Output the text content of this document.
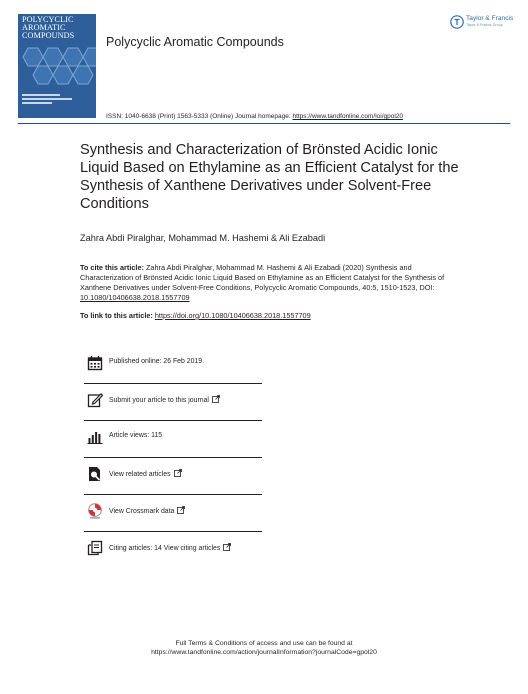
POLYCYCLIC AROMATIC COMPOUNDS	Polycyclic Aromatic Compounds
Taylor & Francis
Taylor & Francis Group
ISSN: 1040-6638 (Print) 1563-5333 (Online) Journal homepage: https://www.tandfonline.com/loi/gpol20
Synthesis and Characterization of Brönsted Acidic Ionic Liquid Based on Ethylamine as an Efficient Catalyst for the Synthesis of Xanthene Derivatives under Solvent-Free Conditions
Zahra Abdi Piralghar, Mohammad M. Hashemi & Ali Ezabadi

To cite this article: Zahra Abdi Piralghar, Mohammad M. Hashemi & Ali Ezabadi (2020) Synthesis and Characterization of Brönsted Acidic Ionic Liquid Based on Ethylamine as an Efficient Catalyst for the Synthesis of Xanthene Derivatives under Solvent-Free Conditions, Polycyclic Aromatic Compounds, 40:5, 1510-1523, DOI: 10.1080/10406638.2018.1557709

To link to this article: https://doi.org/10.1080/10406638.2018.1557709
Published online: 26 Feb 2019.
Submit your article to this journal
Article views: 115
View related articles
View Crossmark data
Citing articles: 14 View citing articles
Full Terms & Conditions of access and use can be found at
https://www.tandfonline.com/action/journalInformation?journalCode=gpol20
